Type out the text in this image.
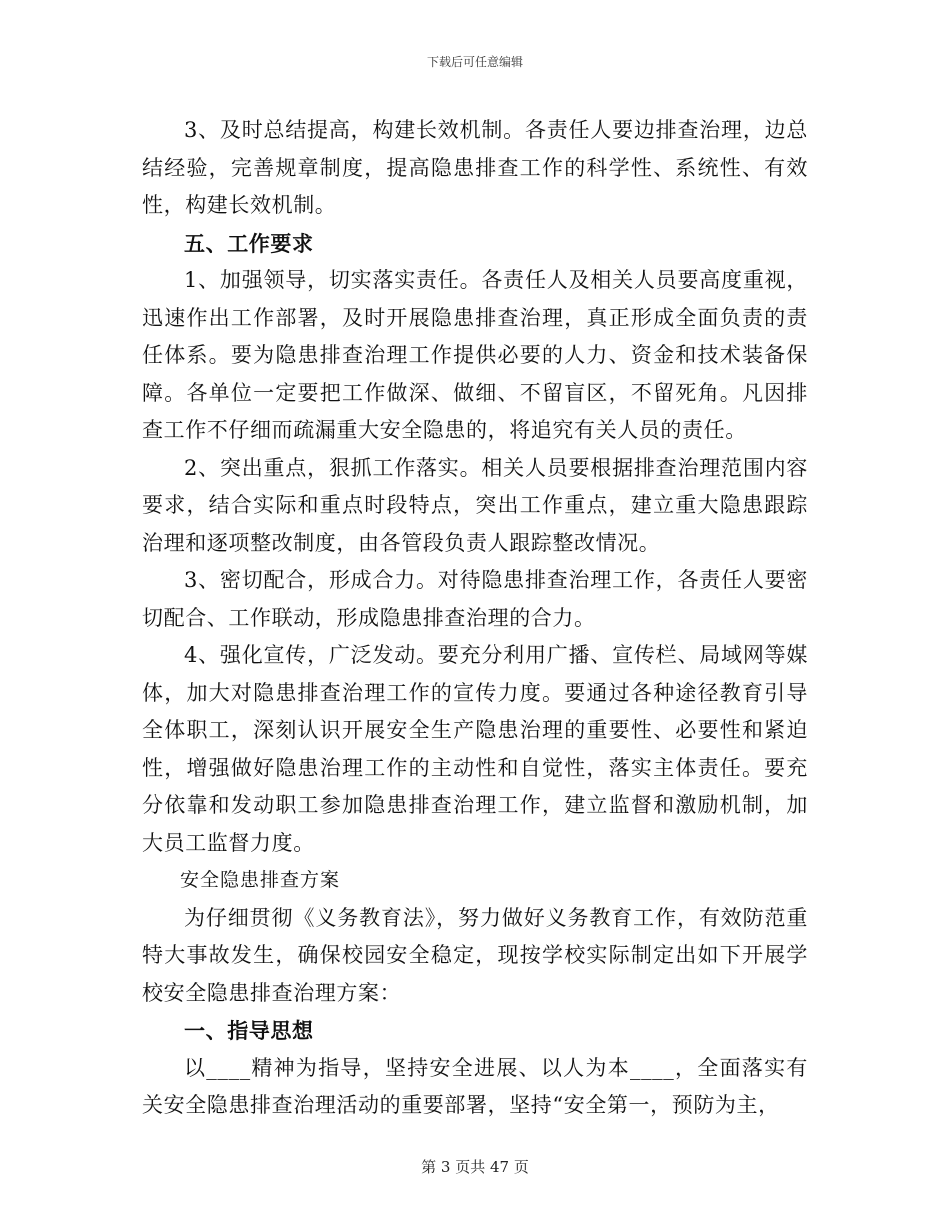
下载后可任意编辑

3、及时总结提高，构建长效机制。各责任人要边排查治理，边总结经验，完善规章制度，提高隐患排查工作的科学性、系统性、有效性，构建长效机制。

五、工作要求

1、加强领导，切实落实责任。各责任人及相关人员要高度重视，迅速作出工作部署，及时开展隐患排查治理，真正形成全面负责的责任体系。要为隐患排查治理工作提供必要的人力、资金和技术装备保障。各单位一定要把工作做深、做细、不留盲区，不留死角。凡因排查工作不仔细而疏漏重大安全隐患的，将追究有关人员的责任。

2、突出重点，狠抓工作落实。相关人员要根据排查治理范围内容要求，结合实际和重点时段特点，突出工作重点，建立重大隐患跟踪治理和逐项整改制度，由各管段负责人跟踪整改情况。

3、密切配合，形成合力。对待隐患排查治理工作，各责任人要密切配合、工作联动，形成隐患排查治理的合力。

4、强化宣传，广泛发动。要充分利用广播、宣传栏、局域网等媒体，加大对隐患排查治理工作的宣传力度。要通过各种途径教育引导全体职工，深刻认识开展安全生产隐患治理的重要性、必要性和紧迫性，增强做好隐患治理工作的主动性和自觉性，落实主体责任。要充分依靠和发动职工参加隐患排查治理工作，建立监督和激励机制，加大员工监督力度。

安全隐患排查方案

为仔细贯彻《义务教育法》，努力做好义务教育工作，有效防范重特大事故发生，确保校园安全稳定，现按学校实际制定出如下开展学校安全隐患排查治理方案：

一、指导思想

以____精神为指导，坚持安全进展、以人为本____，全面落实有关安全隐患排查治理活动的重要部署，坚持“安全第一，预防为主，

第 3 页共 47 页
